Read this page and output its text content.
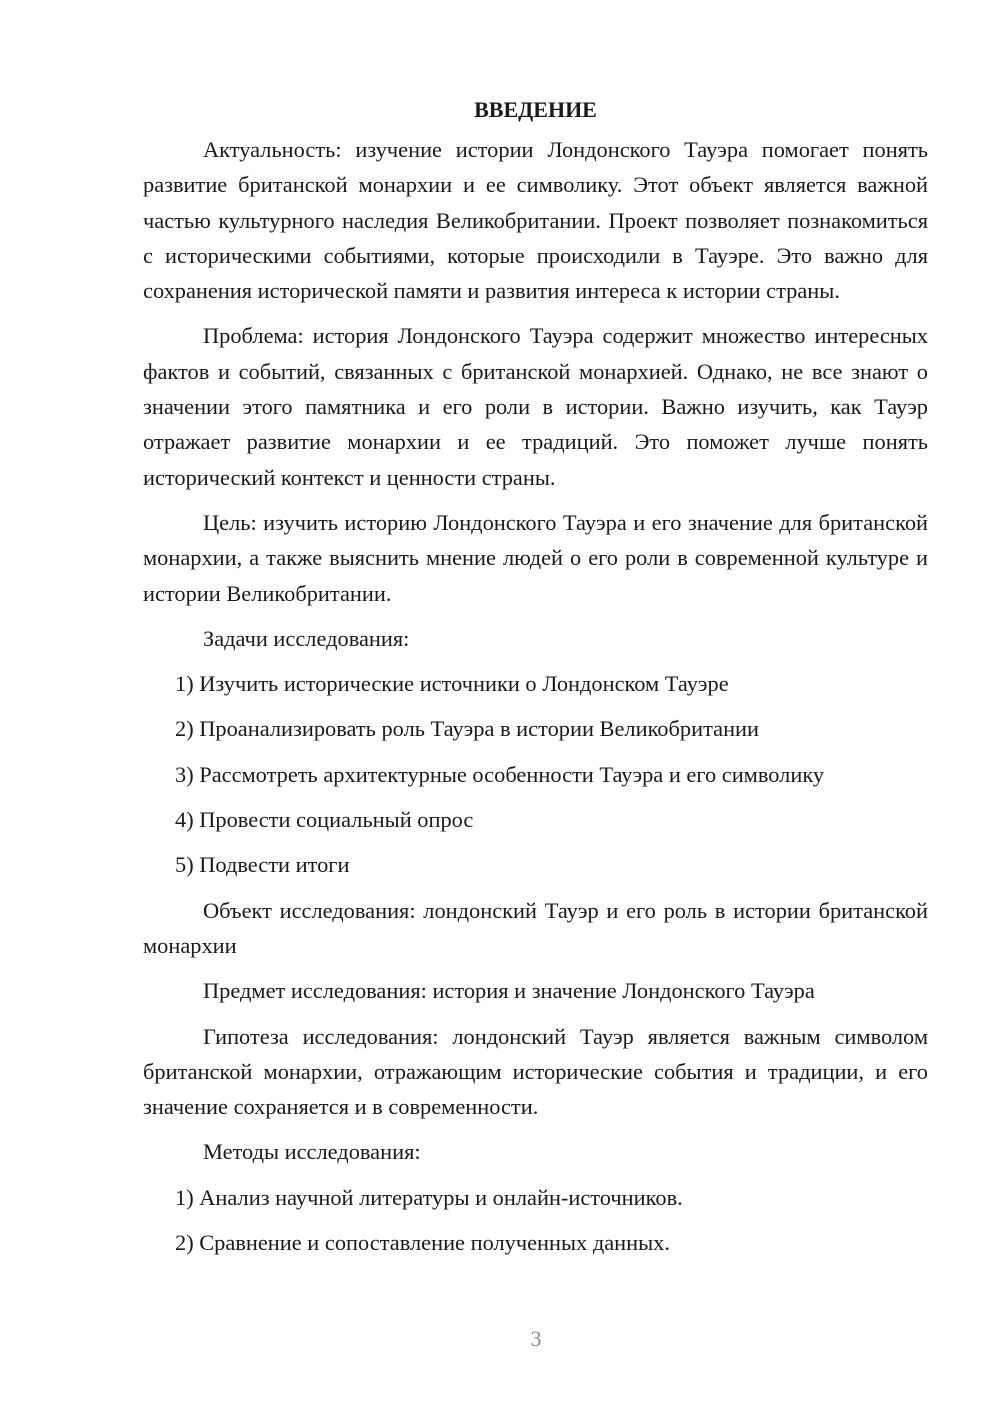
ВВЕДЕНИЕ

Актуальность: изучение истории Лондонского Тауэра помогает понять развитие британской монархии и ее символику. Этот объект является важной частью культурного наследия Великобритании. Проект позволяет познакомиться с историческими событиями, которые происходили в Тауэре. Это важно для сохранения исторической памяти и развития интереса к истории страны.

Проблема: история Лондонского Тауэра содержит множество интересных фактов и событий, связанных с британской монархией. Однако, не все знают о значении этого памятника и его роли в истории. Важно изучить, как Тауэр отражает развитие монархии и ее традиций. Это поможет лучше понять исторический контекст и ценности страны.

Цель: изучить историю Лондонского Тауэра и его значение для британской монархии, а также выяснить мнение людей о его роли в современной культуре и истории Великобритании.

Задачи исследования:
1) Изучить исторические источники о Лондонском Тауэре
2) Проанализировать роль Тауэра в истории Великобритании
3) Рассмотреть архитектурные особенности Тауэра и его символику
4) Провести социальный опрос
5) Подвести итоги

Объект исследования: лондонский Тауэр и его роль в истории британской монархии

Предмет исследования: история и значение Лондонского Тауэра

Гипотеза исследования: лондонский Тауэр является важным символом британской монархии, отражающим исторические события и традиции, и его значение сохраняется и в современности.

Методы исследования:
1) Анализ научной литературы и онлайн-источников.
2) Сравнение и сопоставление полученных данных.
3
